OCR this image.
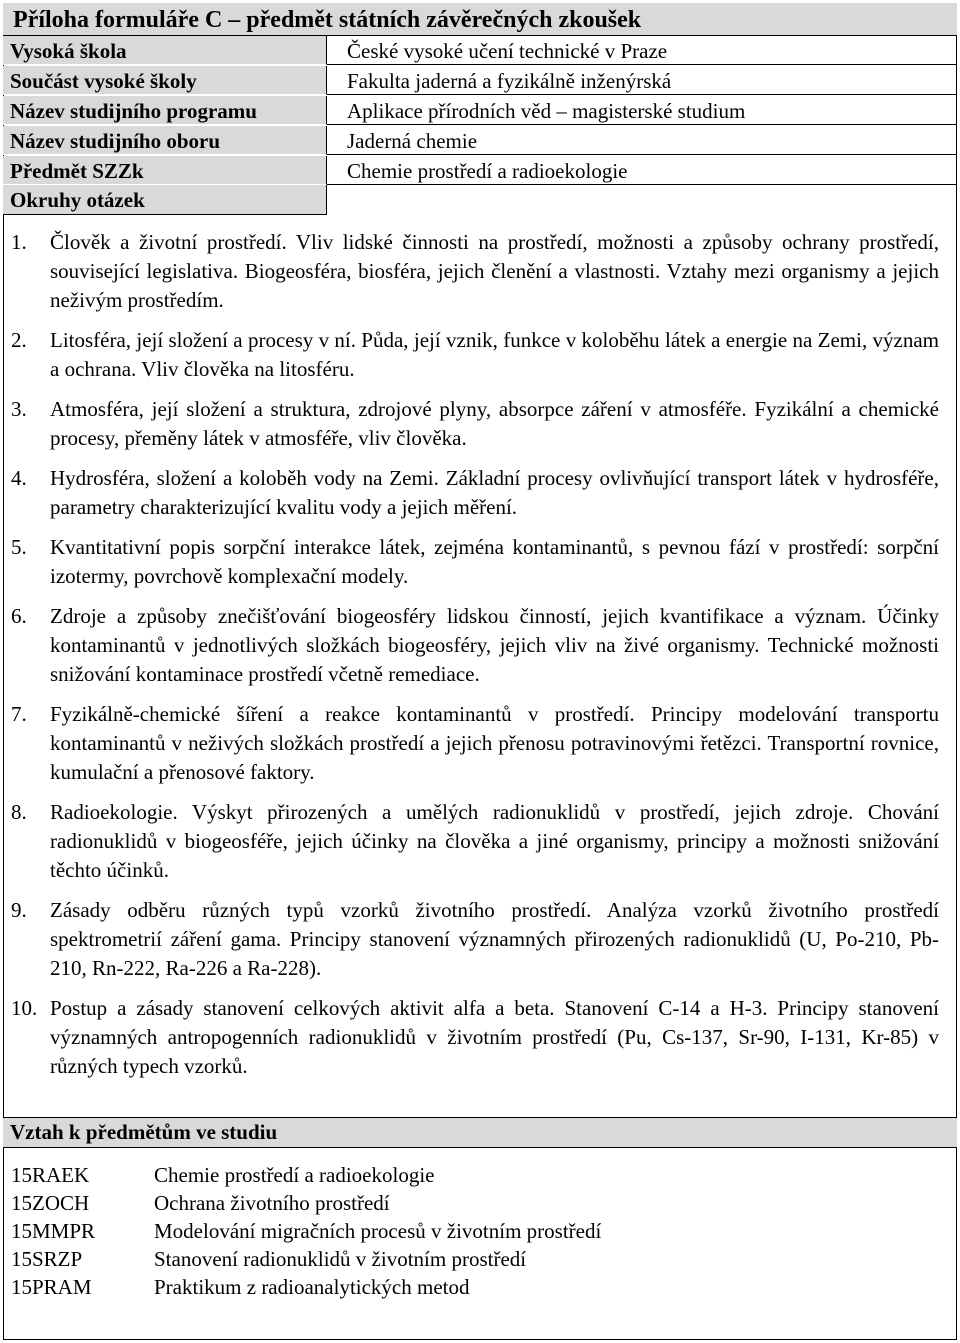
Příloha formuláře C – předmět státních závěrečných zkoušek
Vysoká škola	České vysoké učení technické v Praze
Součást vysoké školy	Fakulta jaderná a fyzikálně inženýrská
Název studijního programu	Aplikace přírodních věd – magisterské studium
Název studijního oboru	Jaderná chemie
Předmět SZZk	Chemie prostředí a radioekologie
Okruhy otázek
1.	Člověk a životní prostředí. Vliv lidské činnosti na prostředí, možnosti a způsoby ochrany prostředí, související legislativa. Biogeosféra, biosféra, jejich členění a vlastnosti. Vztahy mezi organismy a jejich neživým prostředím.
2.	Litosféra, její složení a procesy v ní. Půda, její vznik, funkce v koloběhu látek a energie na Zemi, význam a ochrana. Vliv člověka na litosféru.
3.	Atmosféra, její složení a struktura, zdrojové plyny, absorpce záření v atmosféře. Fyzikální a chemické procesy, přeměny látek v atmosféře, vliv člověka.
4.	Hydrosféra, složení a koloběh vody na Zemi. Základní procesy ovlivňující transport látek v hydrosféře, parametry charakterizující kvalitu vody a jejich měření.
5.	Kvantitativní popis sorpční interakce látek, zejména kontaminantů, s pevnou fází v prostředí: sorpční izotermy, povrchově komplexační modely.
6.	Zdroje a způsoby znečišťování biogeosféry lidskou činností, jejich kvantifikace a význam. Účinky kontaminantů v jednotlivých složkách biogeosféry, jejich vliv na živé organismy. Technické možnosti snižování kontaminace prostředí včetně remediace.
7.	Fyzikálně-chemické šíření a reakce kontaminantů v prostředí. Principy modelování transportu kontaminantů v neživých složkách prostředí a jejich přenosu potravinovými řetězci. Transportní rovnice, kumulační a přenosové faktory.
8.	Radioekologie. Výskyt přirozených a umělých radionuklidů v prostředí, jejich zdroje. Chování radionuklidů v biogeosféře, jejich účinky na člověka a jiné organismy, principy a možnosti snižování těchto účinků.
9.	Zásady odběru různých typů vzorků životního prostředí. Analýza vzorků životního prostředí spektrometrií záření gama. Principy stanovení významných přirozených radionuklidů (U, Po-210, Pb-210, Rn-222, Ra-226 a Ra-228).
10. Postup a zásady stanovení celkových aktivit alfa a beta. Stanovení C-14 a H-3. Principy stanovení významných antropogenních radionuklidů v životním prostředí (Pu, Cs-137, Sr-90, I-131, Kr-85) v různých typech vzorků.
Vztah k předmětům ve studiu
15RAEK	Chemie prostředí a radioekologie
15ZOCH	Ochrana životního prostředí
15MMPR	Modelování migračních procesů v životním prostředí
15SRZP	Stanovení radionuklidů v životním prostředí
15PRAM	Praktikum z radioanalytických metod
